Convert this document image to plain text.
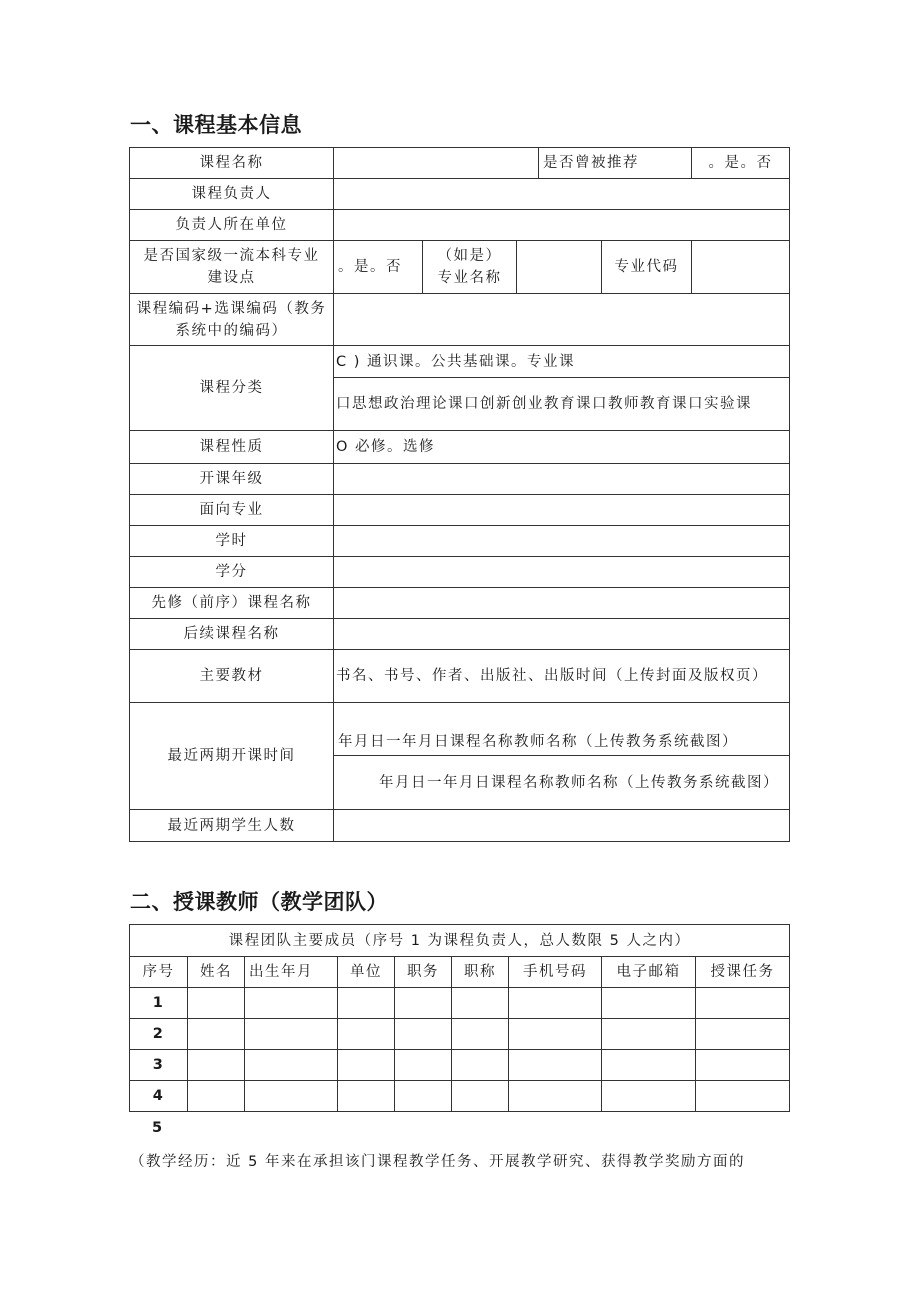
一、课程基本信息
课程名称				是否曾被推荐		。是。否
课程负责人						
负责人所在单位						
是否国家级一流本科专业建设点	。是。否	（如是）专业名称			专业代码	
课程编码+选课编码（教务系统中的编码）						
课程分类	C ) 通识课。公共基础课。专业课					
	口思想政治理论课口创新创业教育课口教师教育课口实验课					
课程性质	O 必修。选修					
开课年级						
面向专业						
学时						
学分						
先修（前序）课程名称						
后续课程名称						
主要教材	书名、书号、作者、出版社、出版时间（上传封面及版权页）					
最近两期开课时间	年月日一年月日课程名称教师名称（上传教务系统截图）					
	年月日一年月日课程名称教师名称（上传教务系统截图）					
最近两期学生人数						
二、授课教师（教学团队）
课程团队主要成员（序号 1 为课程负责人，总人数限 5 人之内）								
序号	姓名	出生年月	单位	职务	职称	手机号码	电子邮箱	授课任务
1								
2								
3								
4								
5
（教学经历：近 5 年来在承担该门课程教学任务、开展教学研究、获得教学奖励方面的
